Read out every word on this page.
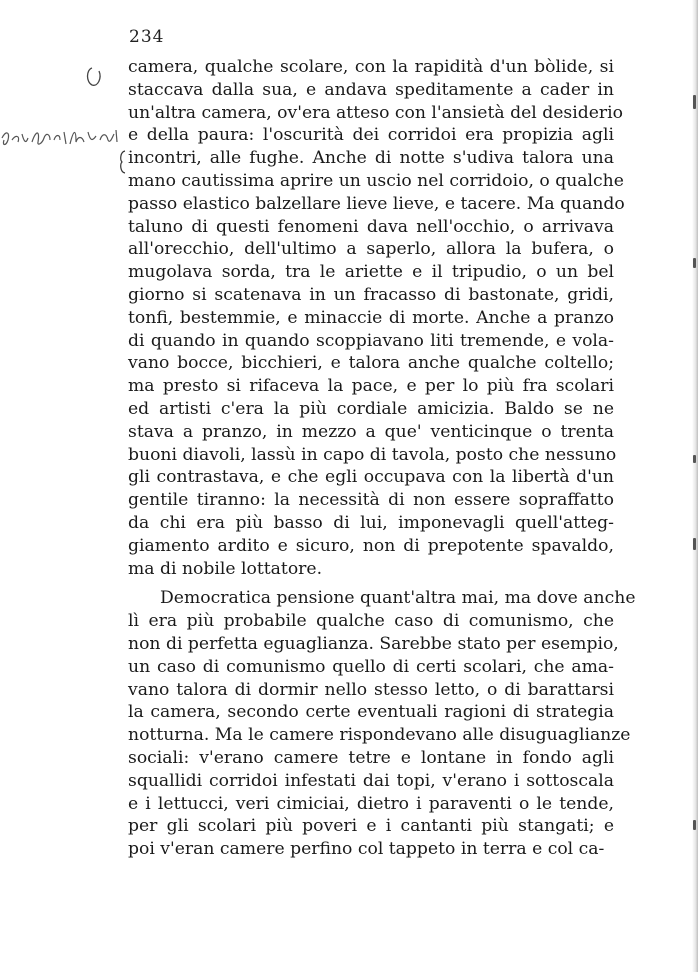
234
camera, qualche scolare, con la rapidità d'un bòlide, si
staccava dalla sua, e andava speditamente a cader in
un'altra camera, ov'era atteso con l'ansietà del desiderio
e della paura: l'oscurità dei corridoi era propizia agli
incontri, alle fughe. Anche di notte s'udiva talora una
mano cautissima aprire un uscio nel corridoio, o qualche
passo elastico balzellare lieve lieve, e tacere. Ma quando
taluno di questi fenomeni dava nell'occhio, o arrivava
all'orecchio, dell'ultimo a saperlo, allora la bufera, o
mugolava sorda, tra le ariette e il tripudio, o un bel
giorno si scatenava in un fracasso di bastonate, gridi,
tonfi, bestemmie, e minaccie di morte. Anche a pranzo
di quando in quando scoppiavano liti tremende, e vola-
vano bocce, bicchieri, e talora anche qualche coltello;
ma presto si rifaceva la pace, e per lo più fra scolari
ed artisti c'era la più cordiale amicizia. Baldo se ne
stava a pranzo, in mezzo a que' venticinque o trenta
buoni diavoli, lassù in capo di tavola, posto che nessuno
gli contrastava, e che egli occupava con la libertà d'un
gentile tiranno: la necessità di non essere sopraffatto
da chi era più basso di lui, imponevagli quell'atteg-
giamento ardito e sicuro, non di prepotente spavaldo,
ma di nobile lottatore.
Democratica pensione quant'altra mai, ma dove anche
lì era più probabile qualche caso di comunismo, che
non di perfetta eguaglianza. Sarebbe stato per esempio,
un caso di comunismo quello di certi scolari, che ama-
vano talora di dormir nello stesso letto, o di barattarsi
la camera, secondo certe eventuali ragioni di strategia
notturna. Ma le camere rispondevano alle disuguaglianze
sociali: v'erano camere tetre e lontane in fondo agli
squallidi corridoi infestati dai topi, v'erano i sottoscala
e i lettucci, veri cimiciai, dietro i paraventi o le tende,
per gli scolari più poveri e i cantanti più stangati; e
poi v'eran camere perfino col tappeto in terra e col ca-
